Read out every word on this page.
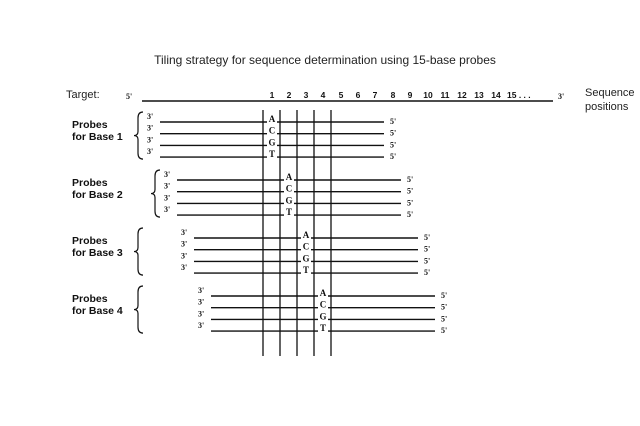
Tiling strategy for sequence determination using 15-base probes
Target:	5'	3'
1 2 3 4 5 6 7 8 9 10 11 12 13 14 15 . . .	Sequence
positions
Probes
for Base 1
3'
5'
A
3'
5'
C
3'
5'
G
3'
5'
T
Probes
for Base 2
3'
5'
A
3'
5'
C
3'
5'
G
3'
5'
T
Probes
for Base 3
3'
5'
A
3'
5'
C
3'
5'
G
3'
5'
T
Probes
for Base 4
3'
5'
A
3'
5'
C
3'
5'
G
3'
5'
T
